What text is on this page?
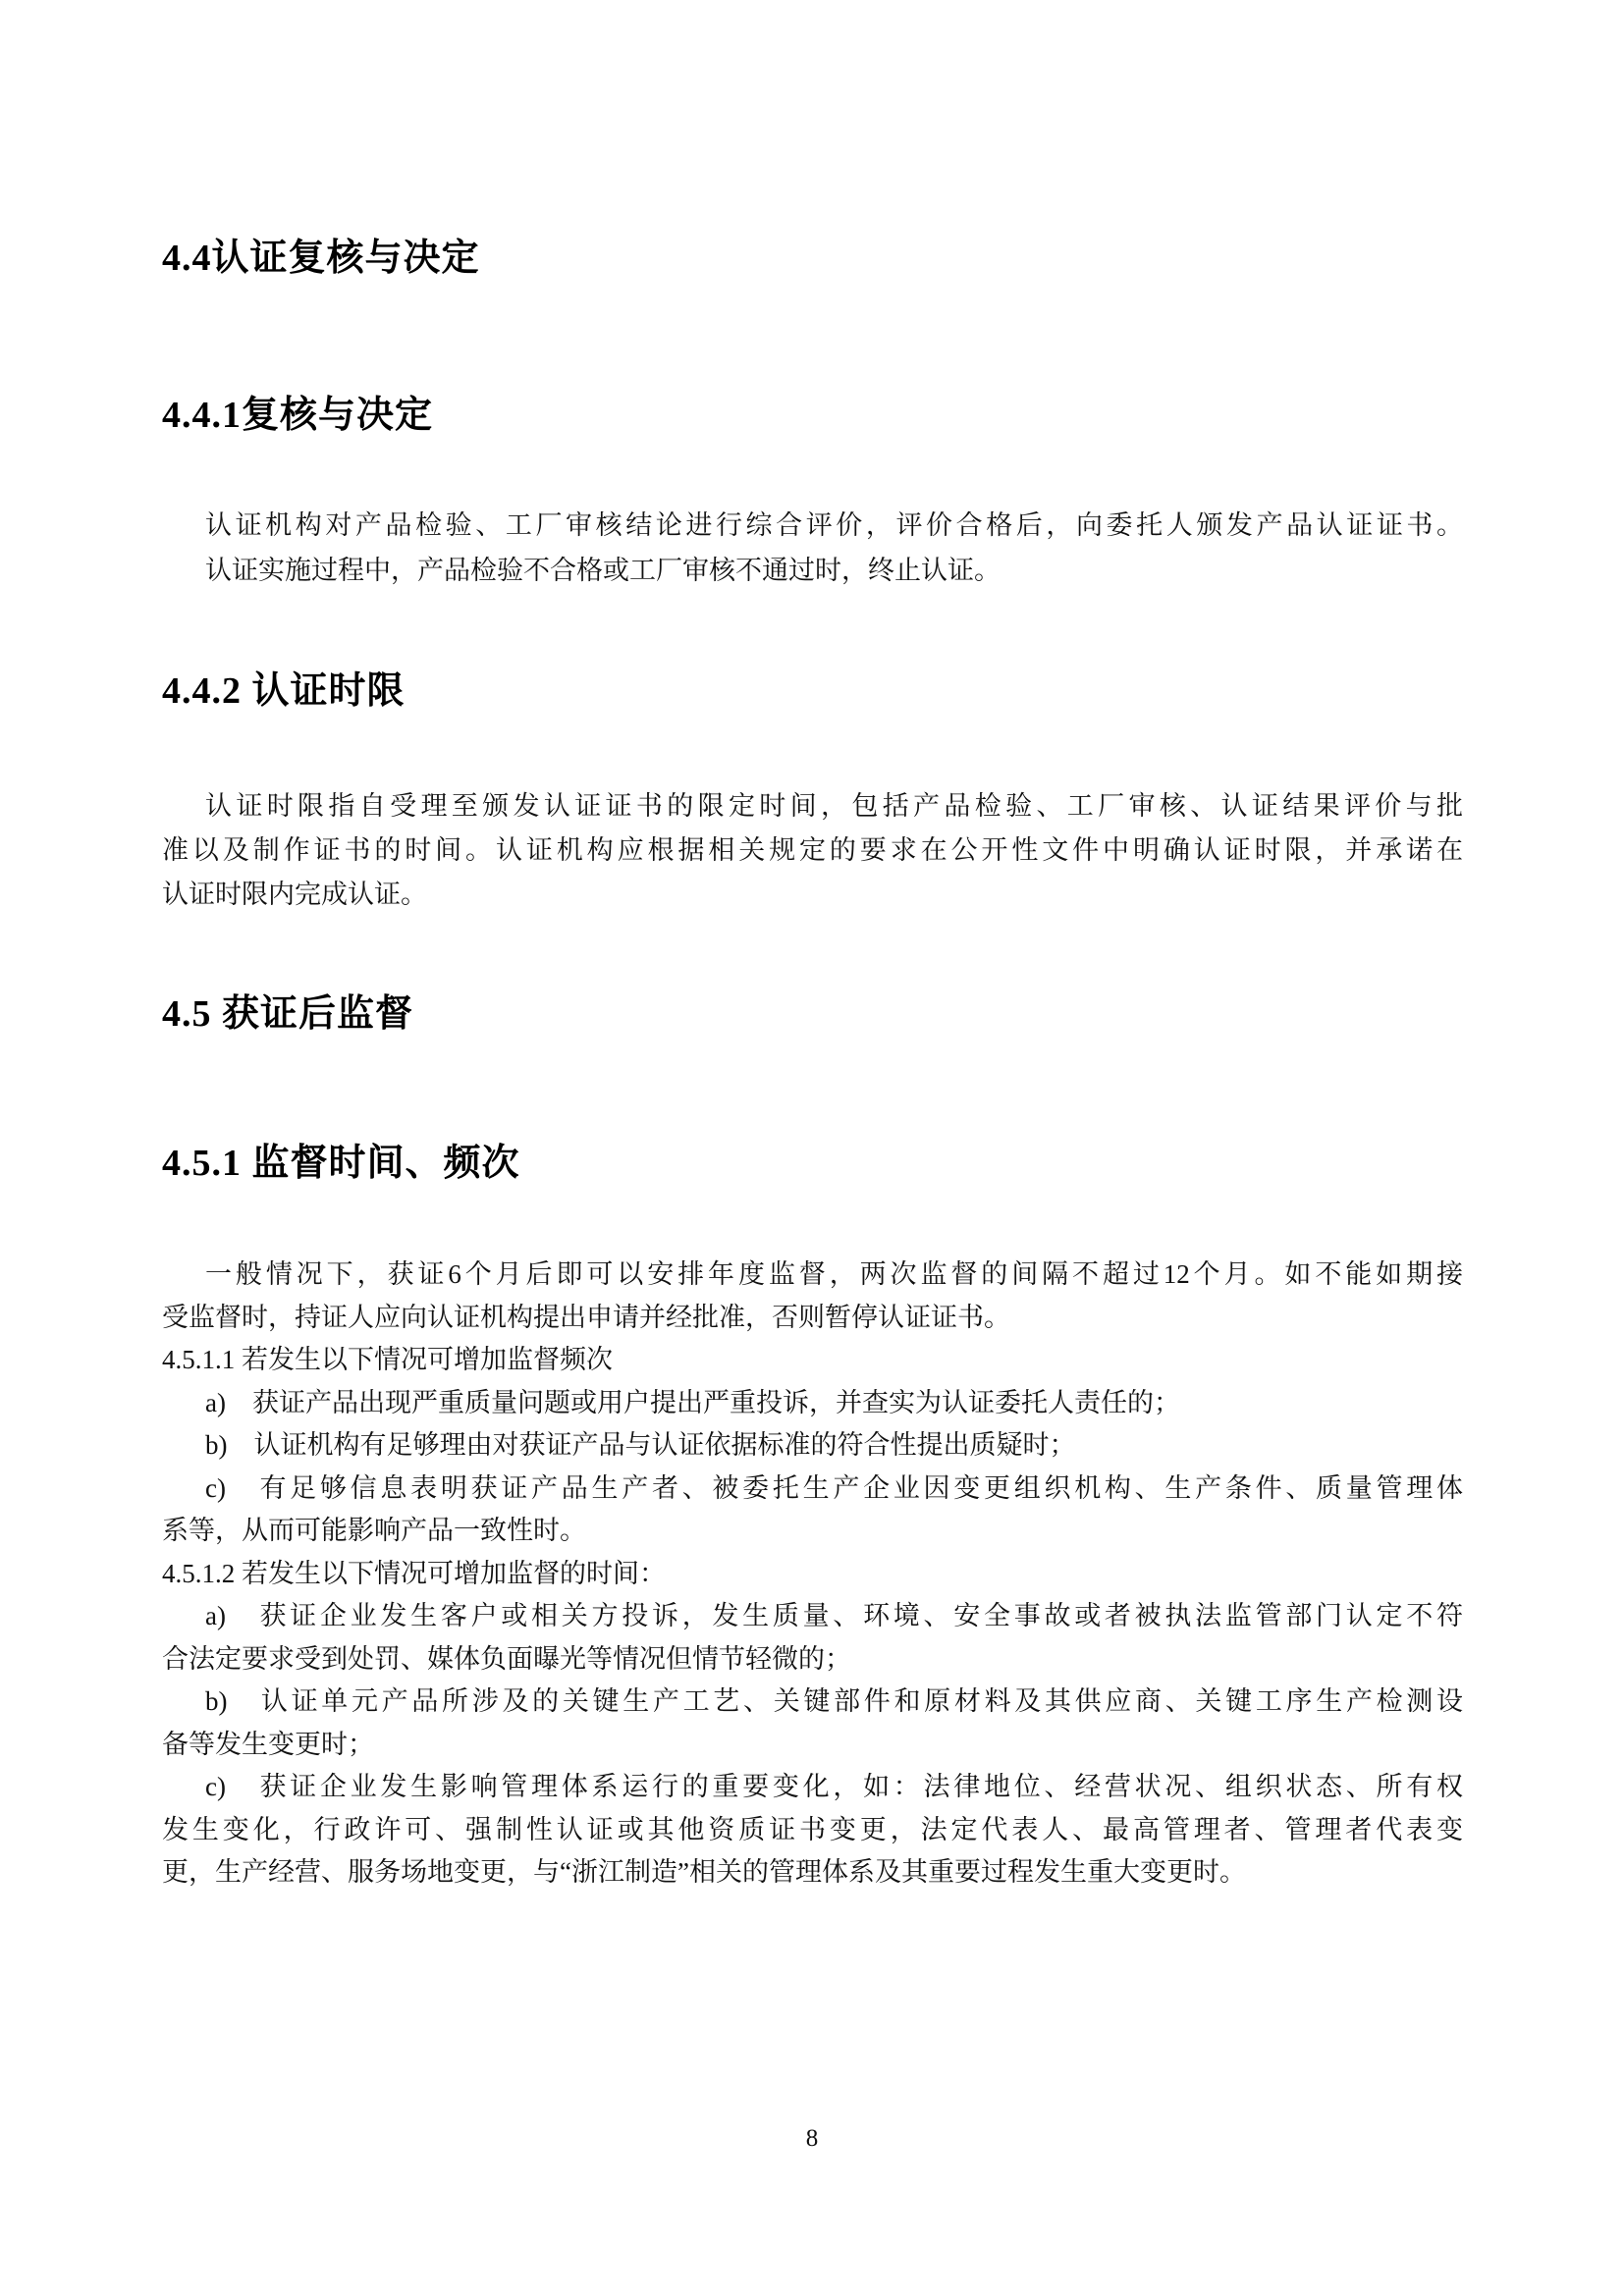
4.4认证复核与决定
4.4.1复核与决定
认证机构对产品检验、工厂审核结论进行综合评价，评价合格后，向委托人颁发产品认证证书。
认证实施过程中，产品检验不合格或工厂审核不通过时，终止认证。
4.4.2 认证时限
认证时限指自受理至颁发认证证书的限定时间，包括产品检验、工厂审核、认证结果评价与批
准以及制作证书的时间。认证机构应根据相关规定的要求在公开性文件中明确认证时限，并承诺在
认证时限内完成认证。
4.5 获证后监督
4.5.1 监督时间、频次
一般情况下，获证6个月后即可以安排年度监督，两次监督的间隔不超过12个月。如不能如期接
受监督时，持证人应向认证机构提出申请并经批准，否则暂停认证证书。
4.5.1.1 若发生以下情况可增加监督频次
a)　获证产品出现严重质量问题或用户提出严重投诉，并查实为认证委托人责任的；
b)　认证机构有足够理由对获证产品与认证依据标准的符合性提出质疑时；
c)　有足够信息表明获证产品生产者、被委托生产企业因变更组织机构、生产条件、质量管理体
系等，从而可能影响产品一致性时。
4.5.1.2 若发生以下情况可增加监督的时间：
a)　获证企业发生客户或相关方投诉，发生质量、环境、安全事故或者被执法监管部门认定不符
合法定要求受到处罚、媒体负面曝光等情况但情节轻微的；
b)　认证单元产品所涉及的关键生产工艺、关键部件和原材料及其供应商、关键工序生产检测设
备等发生变更时；
c)　获证企业发生影响管理体系运行的重要变化，如：法律地位、经营状况、组织状态、所有权
发生变化，行政许可、强制性认证或其他资质证书变更，法定代表人、最高管理者、管理者代表变
更，生产经营、服务场地变更，与“浙江制造”相关的管理体系及其重要过程发生重大变更时。
8
